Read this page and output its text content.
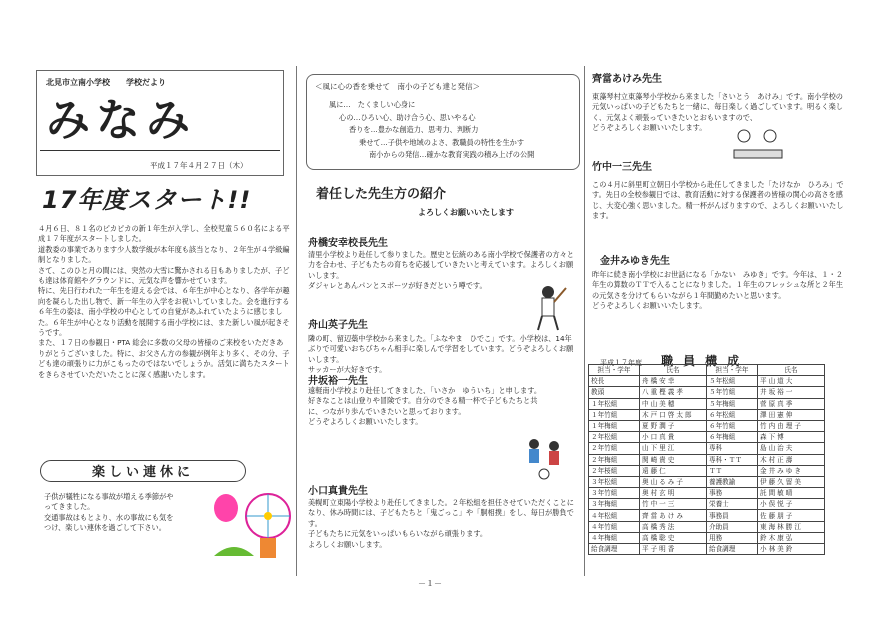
北見市立南小学校　　学校だより
みなみ
平成１７年４月２７日（木）
17年度スタート!!
４月６日、８１名のピカピカの新１年生が入学し、全校児童５６０名による平成１７年度がスタートしました。
道教委の事業であります少人数学級が本年度も該当となり、２年生が４学級編制となりました。
さて、このひと月の間には、突然の大雪に驚かされる日もありましたが、子ども達は体育館やグラウンドに、元気な声を響かせています。
特に、先日行われた一年生を迎える会では、６年生が中心となり、各学年が趣向を凝らした出し物で、新一年生の入学をお祝いしていました。会を進行する６年生の姿は、南小学校の中心としての自覚があふれていたように感じました。６年生が中心となり活動を展開する南小学校には、また新しい風が起きそうです。
また、１７日の参観日・PTA 総会に多数の父母の皆様のご来校をいただきありがとうございました。特に、お父さん方の参観が例年より多く、その分、子ども達の頑張りに力がこもったのではないでしょうか。活気に満ちたスタートをきらさせていただいたことに深く感謝いたします。
楽しい連休に
子供が犠牲になる事故が増える季節がやってきました。
交通事故はもとより、水の事故にも気をつけ、楽しい連休を過ごして下さい。
＜風に心の香を乗せて　南小の子ども達と発信＞
風に…　たくましい心身に
心の…ひろい心、助け合う心、思いやる心
香りを…豊かな創造力、思考力、判断力
乗せて…子供や地域のよさ、教職員の特性を生かす
南小からの発信…確かな教育実践の積み上げの公開
着任した先生方の紹介
よろしくお願いいたします
舟橋安幸校長先生
清里小学校より赴任して参りました。歴史と伝統のある南小学校で保護者の方々と力を合わせ、子どもたちの育ちを応援していきたいと考えています。よろしくお願いします。
ダジャレとあんパンとスポーツが好きだという噂です。
舟山英子先生
隣の町、留辺蘂中学校から来ました。「ふなやま　ひでこ」です。小学校は、14年ぶりで可愛いおちびちゃん相手に楽しんで学習をしています。どうぞよろしくお願いします。
サッカーが大好きです。
井坂裕一先生
遠軽南小学校より赴任してきました、「いさか　ゆういち」と申します。好きなことは山登りや冒険です。自分のできる精一杯で子どもたちと共に、つながり歩んでいきたいと思っております。
どうぞよろしくお願いいたします。
小口真貴先生
美幌町立東陽小学校より赴任してきました。２年松組を担任させていただくことになり、休み時間には、子どもたちと「鬼ごっこ」や「胴相撲」をし、毎日が勝負です。
子どもたちに元気をいっぱいもらいながら頑張ります。
よろしくお願いします。
齊當あけみ先生
東藻琴村立東藻琴小学校から来ました「さいとう　あけみ」です。南小学校の元気いっぱいの子どもたちと一緒に、毎日楽しく過ごしています。明るく楽しく、元気よく頑張っていきたいとおもいますので、
どうぞよろしくお願いいたします。
竹中一三先生
この４月に斜里町立朝日小学校から赴任してきました「たけなか　ひろみ」です。先日の全校参観日では、教育活動に対する保護者の皆様の関心の高さを感じ、大変心強く思いました。精一杯がんばりますので、よろしくお願いいたします。
金井みゆき先生
昨年に続き南小学校にお世話になる「かない　みゆき」です。今年は、１・２年生の算数のＴＴで入ることになりました。１年生のフレッシュな所と２年生の元気さを分けてもらいながら１年間勤めたいと思います。
どうぞよろしくお願いいたします。
平成１７年度 職員構成
担当・学年	氏名	担当・学年	氏名
校長	舟橋安幸	５年松組	平山道大
教頭	八重樫義孝	５年竹組	井坂裕一
１年松組	中山美穂	５年梅組	菅原真季
１年竹組	木戸口啓太郎	６年松組	澤田憲伸
１年梅組	夏野潤子	６年竹組	竹内由理子
２年松組	小口真貴	６年梅組	森下博
２年竹組	山下里江	専科	島山治夫
２年梅組	関崎貴史	専科・ＴＴ	木村正壽
２年桜組	遠藤仁	ＴＴ	金井みゆき
３年松組	奥山るみ子	養護教諭	伊藤久留美
３年竹組	奥村玄明	事務	託間敏晴
３年梅組	竹中一三	栄養士	小俣悦子
４年松組	齊當あけみ	事務員	佐藤朋子
４年竹組	高橋秀法	介助員	東海林勝江
４年梅組	高橋聡史	用務	鈴木康弘
給食調理	平子明香	給食調理	小林美鈴
－１－
